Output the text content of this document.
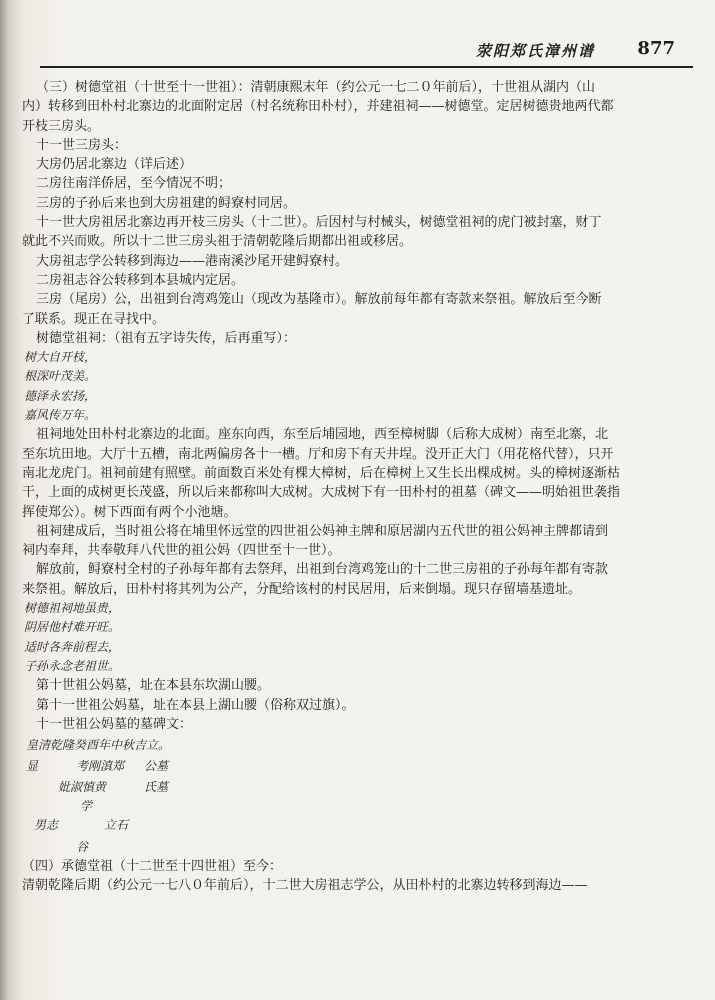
荥阳郑氏漳州谱 877
（三）树德堂祖（十世至十一世祖）：清朝康熙末年（约公元一七二０年前后），十世祖从湖内（山
内）转移到田朴村北寨边的北面附定居（村名统称田朴村），并建祖祠——树德堂。定居树德贵地两代都
开枝三房头。
十一世三房头：
大房仍居北寨边（详后述）
二房往南洋侨居，至今情况不明；
三房的子孙后来也到大房祖建的鲟寮村同居。
十一世大房祖居北寨边再开枝三房头（十二世）。后因村与村械头，树德堂祖祠的虎门被封塞，财丁
就此不兴而败。所以十二世三房头祖于清朝乾隆后期都出祖或移居。
大房祖志学公转移到海边——港南溪沙尾开建鲟寮村。
二房祖志谷公转移到本县城内定居。
三房（尾房）公，出祖到台湾鸡笼山（现改为基隆市）。解放前每年都有寄款来祭祖。解放后至今断
了联系。现正在寻找中。
树德堂祖祠：（祖有五字诗失传，后再重写）：
树大自开枝，
根深叶茂美。
德泽永宏扬，
嘉风传万年。
祖祠地处田朴村北寨边的北面。座东向西，东至后埔园地，西至樟树脚（后称大成树）南至北寨，北
至东坑田地。大厅十五槽，南北两偏房各十一槽。厅和房下有天井埕。没开正大门（用花格代替），只开
南北龙虎门。祖祠前建有照壁。前面数百米处有棵大樟树，后在樟树上又生长出棵成树。头的樟树逐渐枯
干，上面的成树更长茂盛，所以后来都称叫大成树。大成树下有一田朴村的祖墓（碑文——明始祖世袭指
挥使郑公）。树下西面有两个小池塘。
祖祠建成后，当时祖公将在埔里怀远堂的四世祖公妈神主牌和原居湖内五代世的祖公妈神主牌都请到
祠内奉拜，共奉敬拜八代世的祖公妈（四世至十一世）。
解放前，鲟寮村全村的子孙每年都有去祭拜，出祖到台湾鸡笼山的十二世三房祖的子孙每年都有寄款
来祭祖。解放后，田朴村将其列为公产，分配给该村的村民居用，后来倒塌。现只存留墙基遗址。
树德祖祠地虽贵，
阴居他村难开旺。
适时各奔前程去，
子孙永念老祖世。
第十世祖公妈墓，址在本县东坎湖山腰。
第十一世祖公妈墓，址在本县上湖山腰（俗称双过旗）。
十一世祖公妈墓的墓碑文：
皇清乾隆癸酉年中秋吉立。
显	考刚滇郑 公墓
妣淑慎黄	氏墓
学
男志	立石
谷
（四）承德堂祖（十二世至十四世祖）至今：
清朝乾隆后期（约公元一七八０年前后），十二世大房祖志学公，从田朴村的北寨边转移到海边——
